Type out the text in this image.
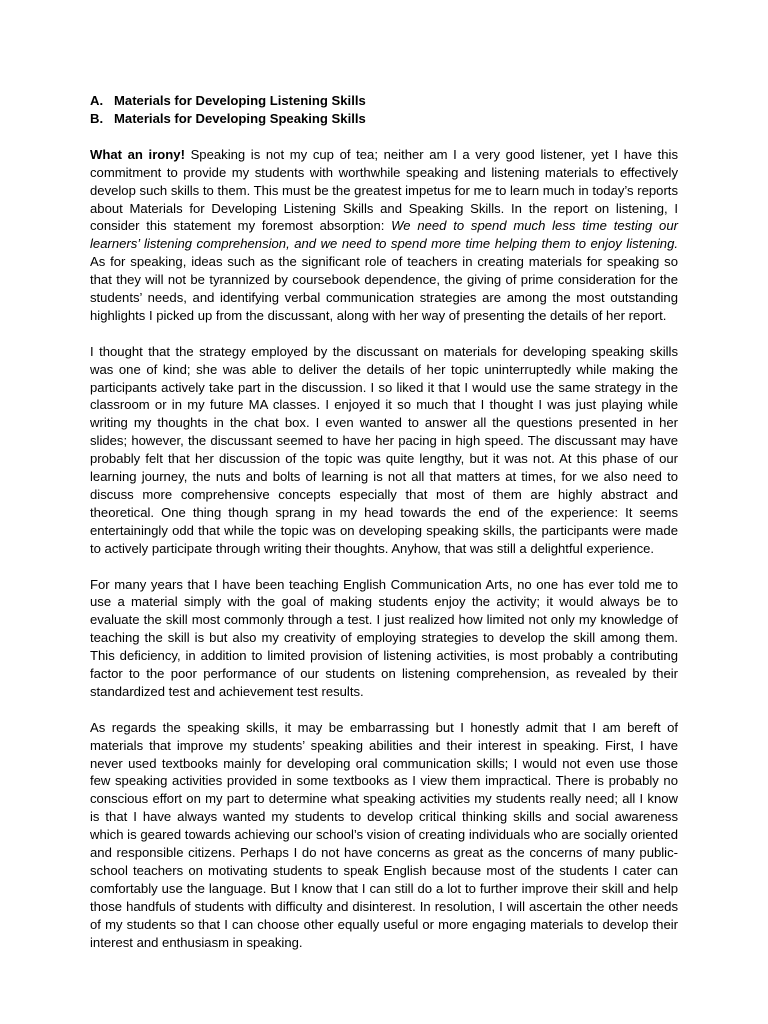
A. Materials for Developing Listening Skills

B. Materials for Developing Speaking Skills

What an irony! Speaking is not my cup of tea; neither am I a very good listener, yet I have this commitment to provide my students with worthwhile speaking and listening materials to effectively develop such skills to them. This must be the greatest impetus for me to learn much in today’s reports about Materials for Developing Listening Skills and Speaking Skills. In the report on listening, I consider this statement my foremost absorption: We need to spend much less time testing our learners’ listening comprehension, and we need to spend more time helping them to enjoy listening. As for speaking, ideas such as the significant role of teachers in creating materials for speaking so that they will not be tyrannized by coursebook dependence, the giving of prime consideration for the students’ needs, and identifying verbal communication strategies are among the most outstanding highlights I picked up from the discussant, along with her way of presenting the details of her report.

I thought that the strategy employed by the discussant on materials for developing speaking skills was one of kind; she was able to deliver the details of her topic uninterruptedly while making the participants actively take part in the discussion. I so liked it that I would use the same strategy in the classroom or in my future MA classes. I enjoyed it so much that I thought I was just playing while writing my thoughts in the chat box. I even wanted to answer all the questions presented in her slides; however, the discussant seemed to have her pacing in high speed. The discussant may have probably felt that her discussion of the topic was quite lengthy, but it was not. At this phase of our learning journey, the nuts and bolts of learning is not all that matters at times, for we also need to discuss more comprehensive concepts especially that most of them are highly abstract and theoretical. One thing though sprang in my head towards the end of the experience: It seems entertainingly odd that while the topic was on developing speaking skills, the participants were made to actively participate through writing their thoughts. Anyhow, that was still a delightful experience.

For many years that I have been teaching English Communication Arts, no one has ever told me to use a material simply with the goal of making students enjoy the activity; it would always be to evaluate the skill most commonly through a test. I just realized how limited not only my knowledge of teaching the skill is but also my creativity of employing strategies to develop the skill among them. This deficiency, in addition to limited provision of listening activities, is most probably a contributing factor to the poor performance of our students on listening comprehension, as revealed by their standardized test and achievement test results.

As regards the speaking skills, it may be embarrassing but I honestly admit that I am bereft of materials that improve my students’ speaking abilities and their interest in speaking. First, I have never used textbooks mainly for developing oral communication skills; I would not even use those few speaking activities provided in some textbooks as I view them impractical. There is probably no conscious effort on my part to determine what speaking activities my students really need; all I know is that I have always wanted my students to develop critical thinking skills and social awareness which is geared towards achieving our school’s vision of creating individuals who are socially oriented and responsible citizens. Perhaps I do not have concerns as great as the concerns of many public-school teachers on motivating students to speak English because most of the students I cater can comfortably use the language. But I know that I can still do a lot to further improve their skill and help those handfuls of students with difficulty and disinterest. In resolution, I will ascertain the other needs of my students so that I can choose other equally useful or more engaging materials to develop their interest and enthusiasm in speaking.
